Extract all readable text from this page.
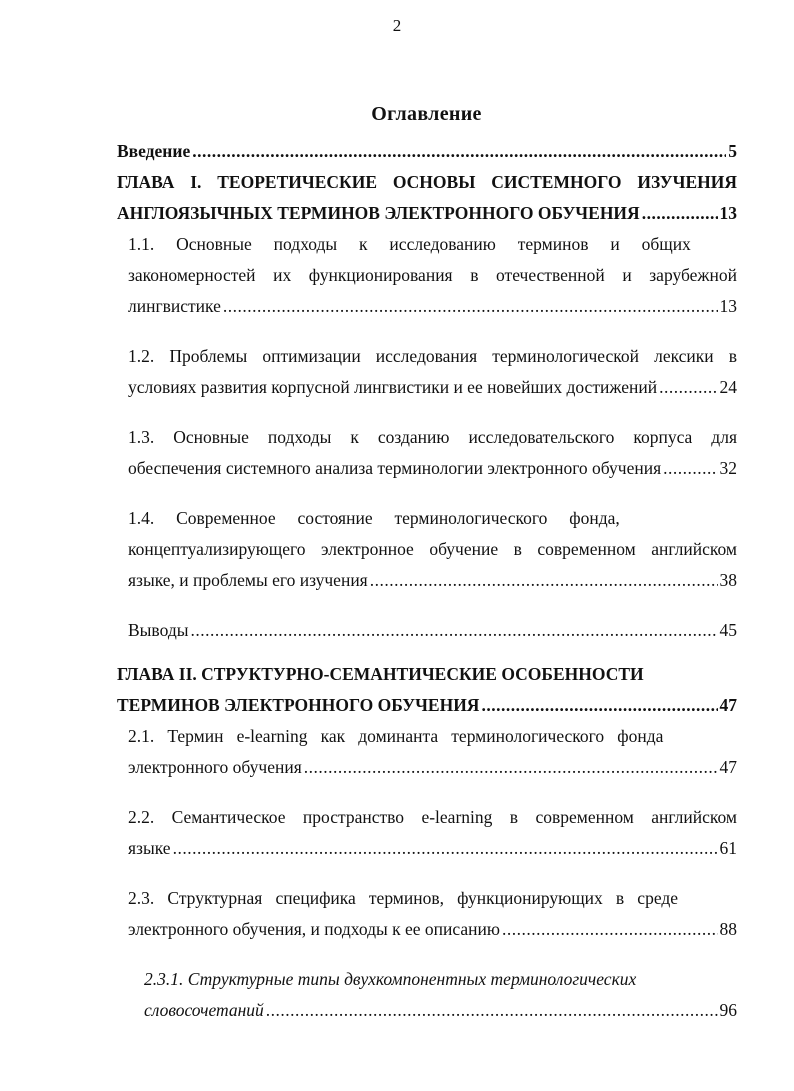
2
Оглавление
Введение .....	5
ГЛАВА I. ТЕОРЕТИЧЕСКИЕ ОСНОВЫ СИСТЕМНОГО ИЗУЧЕНИЯ
АНГЛОЯЗЫЧНЫХ ТЕРМИНОВ ЭЛЕКТРОННОГО ОБУЧЕНИЯ .....	13
1.1.     Основные     подходы     к     исследованию     терминов     и     общих
закономерностей их функционирования в отечественной и зарубежной
лингвистике .....	13
1.2. Проблемы оптимизации исследования терминологической лексики в
условиях развития корпусной лингвистики и ее новейших достижений .....	24
1.3. Основные подходы к созданию исследовательского корпуса для
обеспечения системного анализа терминологии электронного обучения .....	32
1.4.     Современное     состояние     терминологического     фонда,
концептуализирующего электронное обучение в современном английском
языке, и проблемы его изучения .....	38
Выводы .....	45
ГЛАВА II. СТРУКТУРНО-СЕМАНТИЧЕСКИЕ ОСОБЕННОСТИ
ТЕРМИНОВ ЭЛЕКТРОННОГО ОБУЧЕНИЯ .....	47
2.1.   Термин   e-learning   как   доминанта   терминологического   фонда
электронного обучения .....	47
2.2. Семантическое пространство e-learning в современном английском
языке .....	61
2.3.   Структурная   специфика   терминов,   функционирующих   в   среде
электронного обучения, и подходы к ее описанию .....	88
2.3.1. Структурные типы двухкомпонентных терминологических
словосочетаний .....	96
